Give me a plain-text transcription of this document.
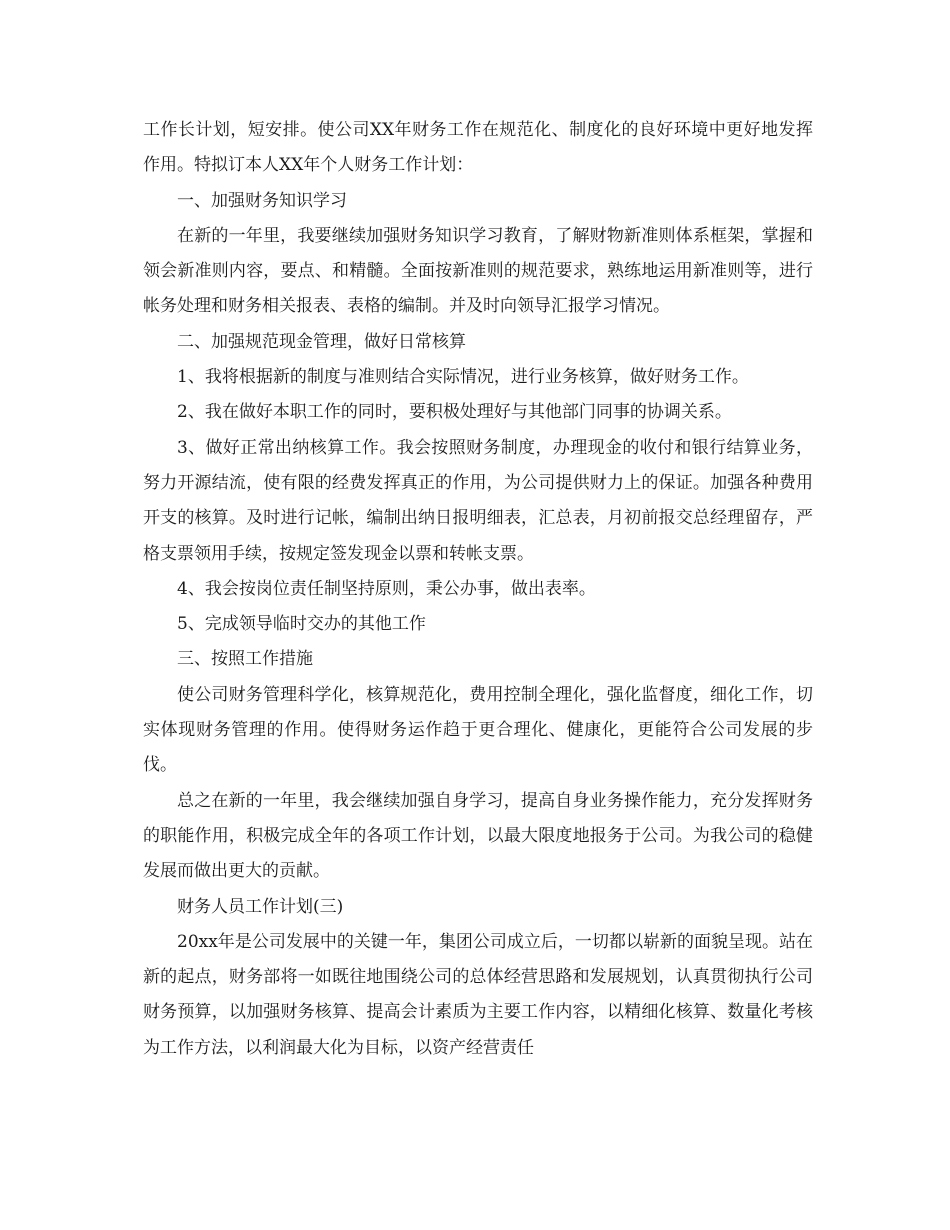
工作长计划，短安排。使公司XX年财务工作在规范化、制度化的良好环境中更好地发挥作用。特拟订本人XX年个人财务工作计划：

一、加强财务知识学习

在新的一年里，我要继续加强财务知识学习教育，了解财物新准则体系框架，掌握和领会新准则内容，要点、和精髓。全面按新准则的规范要求，熟练地运用新准则等，进行帐务处理和财务相关报表、表格的编制。并及时向领导汇报学习情况。

二、加强规范现金管理，做好日常核算

1、我将根据新的制度与准则结合实际情况，进行业务核算，做好财务工作。

2、我在做好本职工作的同时，要积极处理好与其他部门同事的协调关系。

3、做好正常出纳核算工作。我会按照财务制度，办理现金的收付和银行结算业务，努力开源结流，使有限的经费发挥真正的作用，为公司提供财力上的保证。加强各种费用开支的核算。及时进行记帐，编制出纳日报明细表，汇总表，月初前报交总经理留存，严格支票领用手续，按规定签发现金以票和转帐支票。

4、我会按岗位责任制坚持原则，秉公办事，做出表率。

5、完成领导临时交办的其他工作

三、按照工作措施

使公司财务管理科学化，核算规范化，费用控制全理化，强化监督度，细化工作，切实体现财务管理的作用。使得财务运作趋于更合理化、健康化，更能符合公司发展的步伐。

总之在新的一年里，我会继续加强自身学习，提高自身业务操作能力，充分发挥财务的职能作用，积极完成全年的各项工作计划，以最大限度地报务于公司。为我公司的稳健发展而做出更大的贡献。

财务人员工作计划(三)

20xx年是公司发展中的关键一年，集团公司成立后，一切都以崭新的面貌呈现。站在新的起点，财务部将一如既往地围绕公司的总体经营思路和发展规划，认真贯彻执行公司财务预算，以加强财务核算、提高会计素质为主要工作内容，以精细化核算、数量化考核为工作方法，以利润最大化为目标，以资产经营责任
